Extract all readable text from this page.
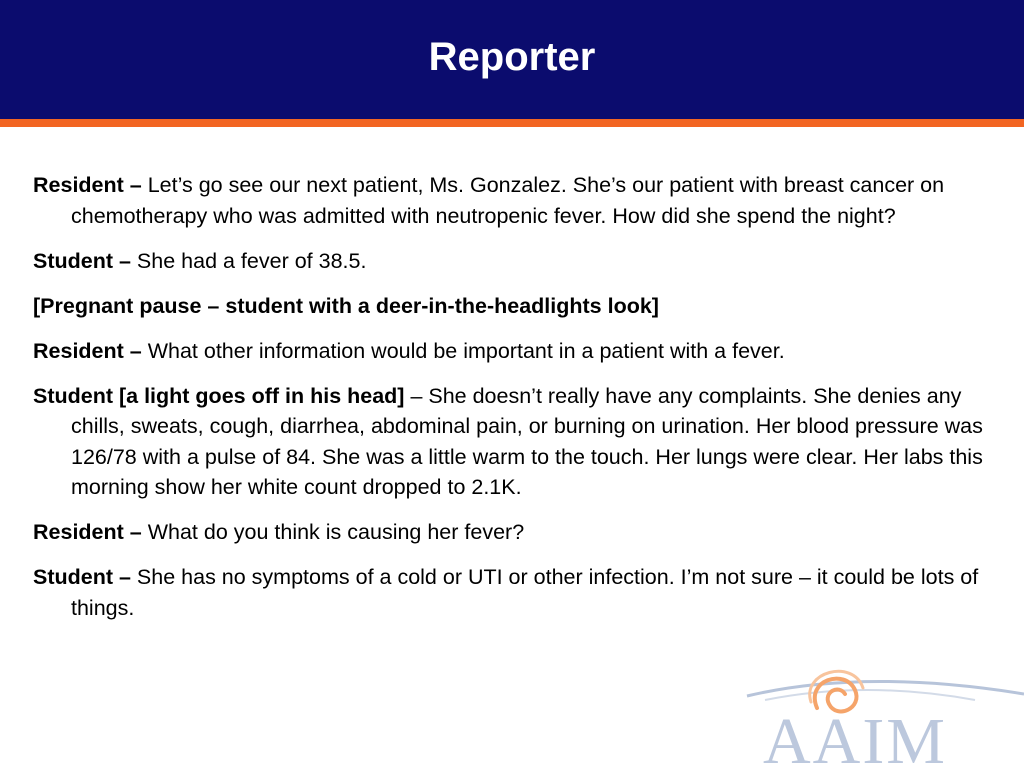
Reporter

Resident – Let’s go see our next patient, Ms. Gonzalez. She’s our patient with breast cancer on chemotherapy who was admitted with neutropenic fever. How did she spend the night?

Student – She had a fever of 38.5.

[Pregnant pause – student with a deer-in-the-headlights look]

Resident – What other information would be important in a patient with a fever.

Student [a light goes off in his head] – She doesn’t really have any complaints. She denies any chills, sweats, cough, diarrhea, abdominal pain, or burning on urination. Her blood pressure was 126/78 with a pulse of 84. She was a little warm to the touch. Her lungs were clear. Her labs this morning show her white count dropped to 2.1K.

Resident – What do you think is causing her fever?

Student – She has no symptoms of a cold or UTI or other infection. I’m not sure – it could be lots of things.

AAIM
